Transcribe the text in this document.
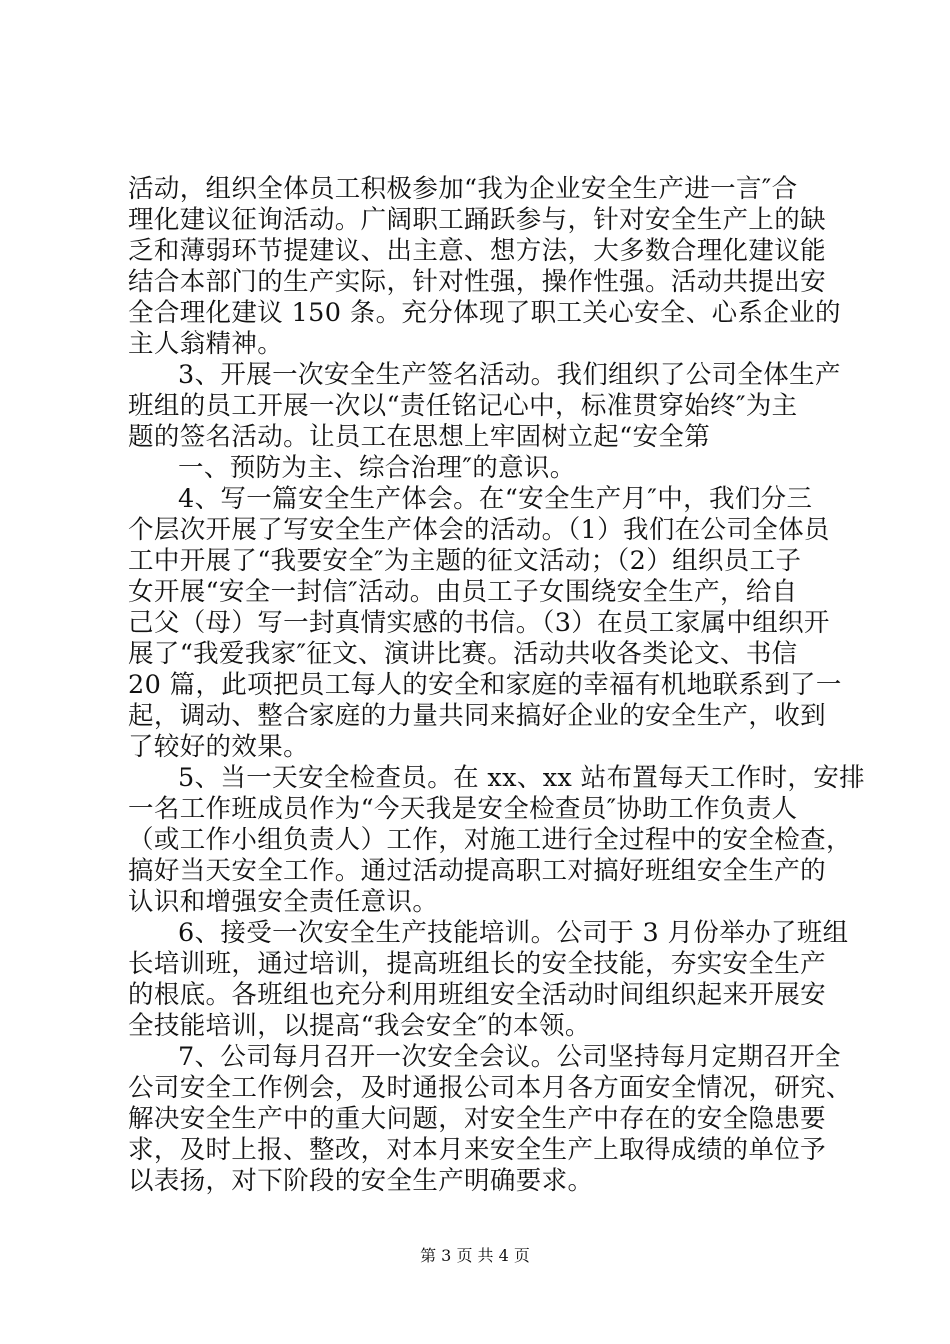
活动，组织全体员工积极参加“我为企业安全生产进一言″合
理化建议征询活动。广阔职工踊跃参与，针对安全生产上的缺
乏和薄弱环节提建议、出主意、想方法，大多数合理化建议能
结合本部门的生产实际，针对性强，操作性强。活动共提出安
全合理化建议 150 条。充分体现了职工关心安全、心系企业的
主人翁精神。
3、开展一次安全生产签名活动。我们组织了公司全体生产
班组的员工开展一次以“责任铭记心中，标准贯穿始终″为主
题的签名活动。让员工在思想上牢固树立起“安全第
一、预防为主、综合治理″的意识。
4、写一篇安全生产体会。在“安全生产月″中，我们分三
个层次开展了写安全生产体会的活动。（1）我们在公司全体员
工中开展了“我要安全″为主题的征文活动；（2）组织员工子
女开展“安全一封信″活动。由员工子女围绕安全生产，给自
己父（母）写一封真情实感的书信。（3）在员工家属中组织开
展了“我爱我家″征文、演讲比赛。活动共收各类论文、书信
20 篇，此项把员工每人的安全和家庭的幸福有机地联系到了一
起，调动、整合家庭的力量共同来搞好企业的安全生产，收到
了较好的效果。
5、当一天安全检查员。在 xx、xx 站布置每天工作时，安排
一名工作班成员作为“今天我是安全检查员″协助工作负责人
（或工作小组负责人）工作，对施工进行全过程中的安全检查，
搞好当天安全工作。通过活动提高职工对搞好班组安全生产的
认识和增强安全责任意识。
6、接受一次安全生产技能培训。公司于 3 月份举办了班组
长培训班，通过培训，提高班组长的安全技能，夯实安全生产
的根底。各班组也充分利用班组安全活动时间组织起来开展安
全技能培训，以提高“我会安全″的本领。
7、公司每月召开一次安全会议。公司坚持每月定期召开全
公司安全工作例会，及时通报公司本月各方面安全情况，研究、
解决安全生产中的重大问题，对安全生产中存在的安全隐患要
求，及时上报、整改，对本月来安全生产上取得成绩的单位予
以表扬，对下阶段的安全生产明确要求。
第 3 页 共 4 页
